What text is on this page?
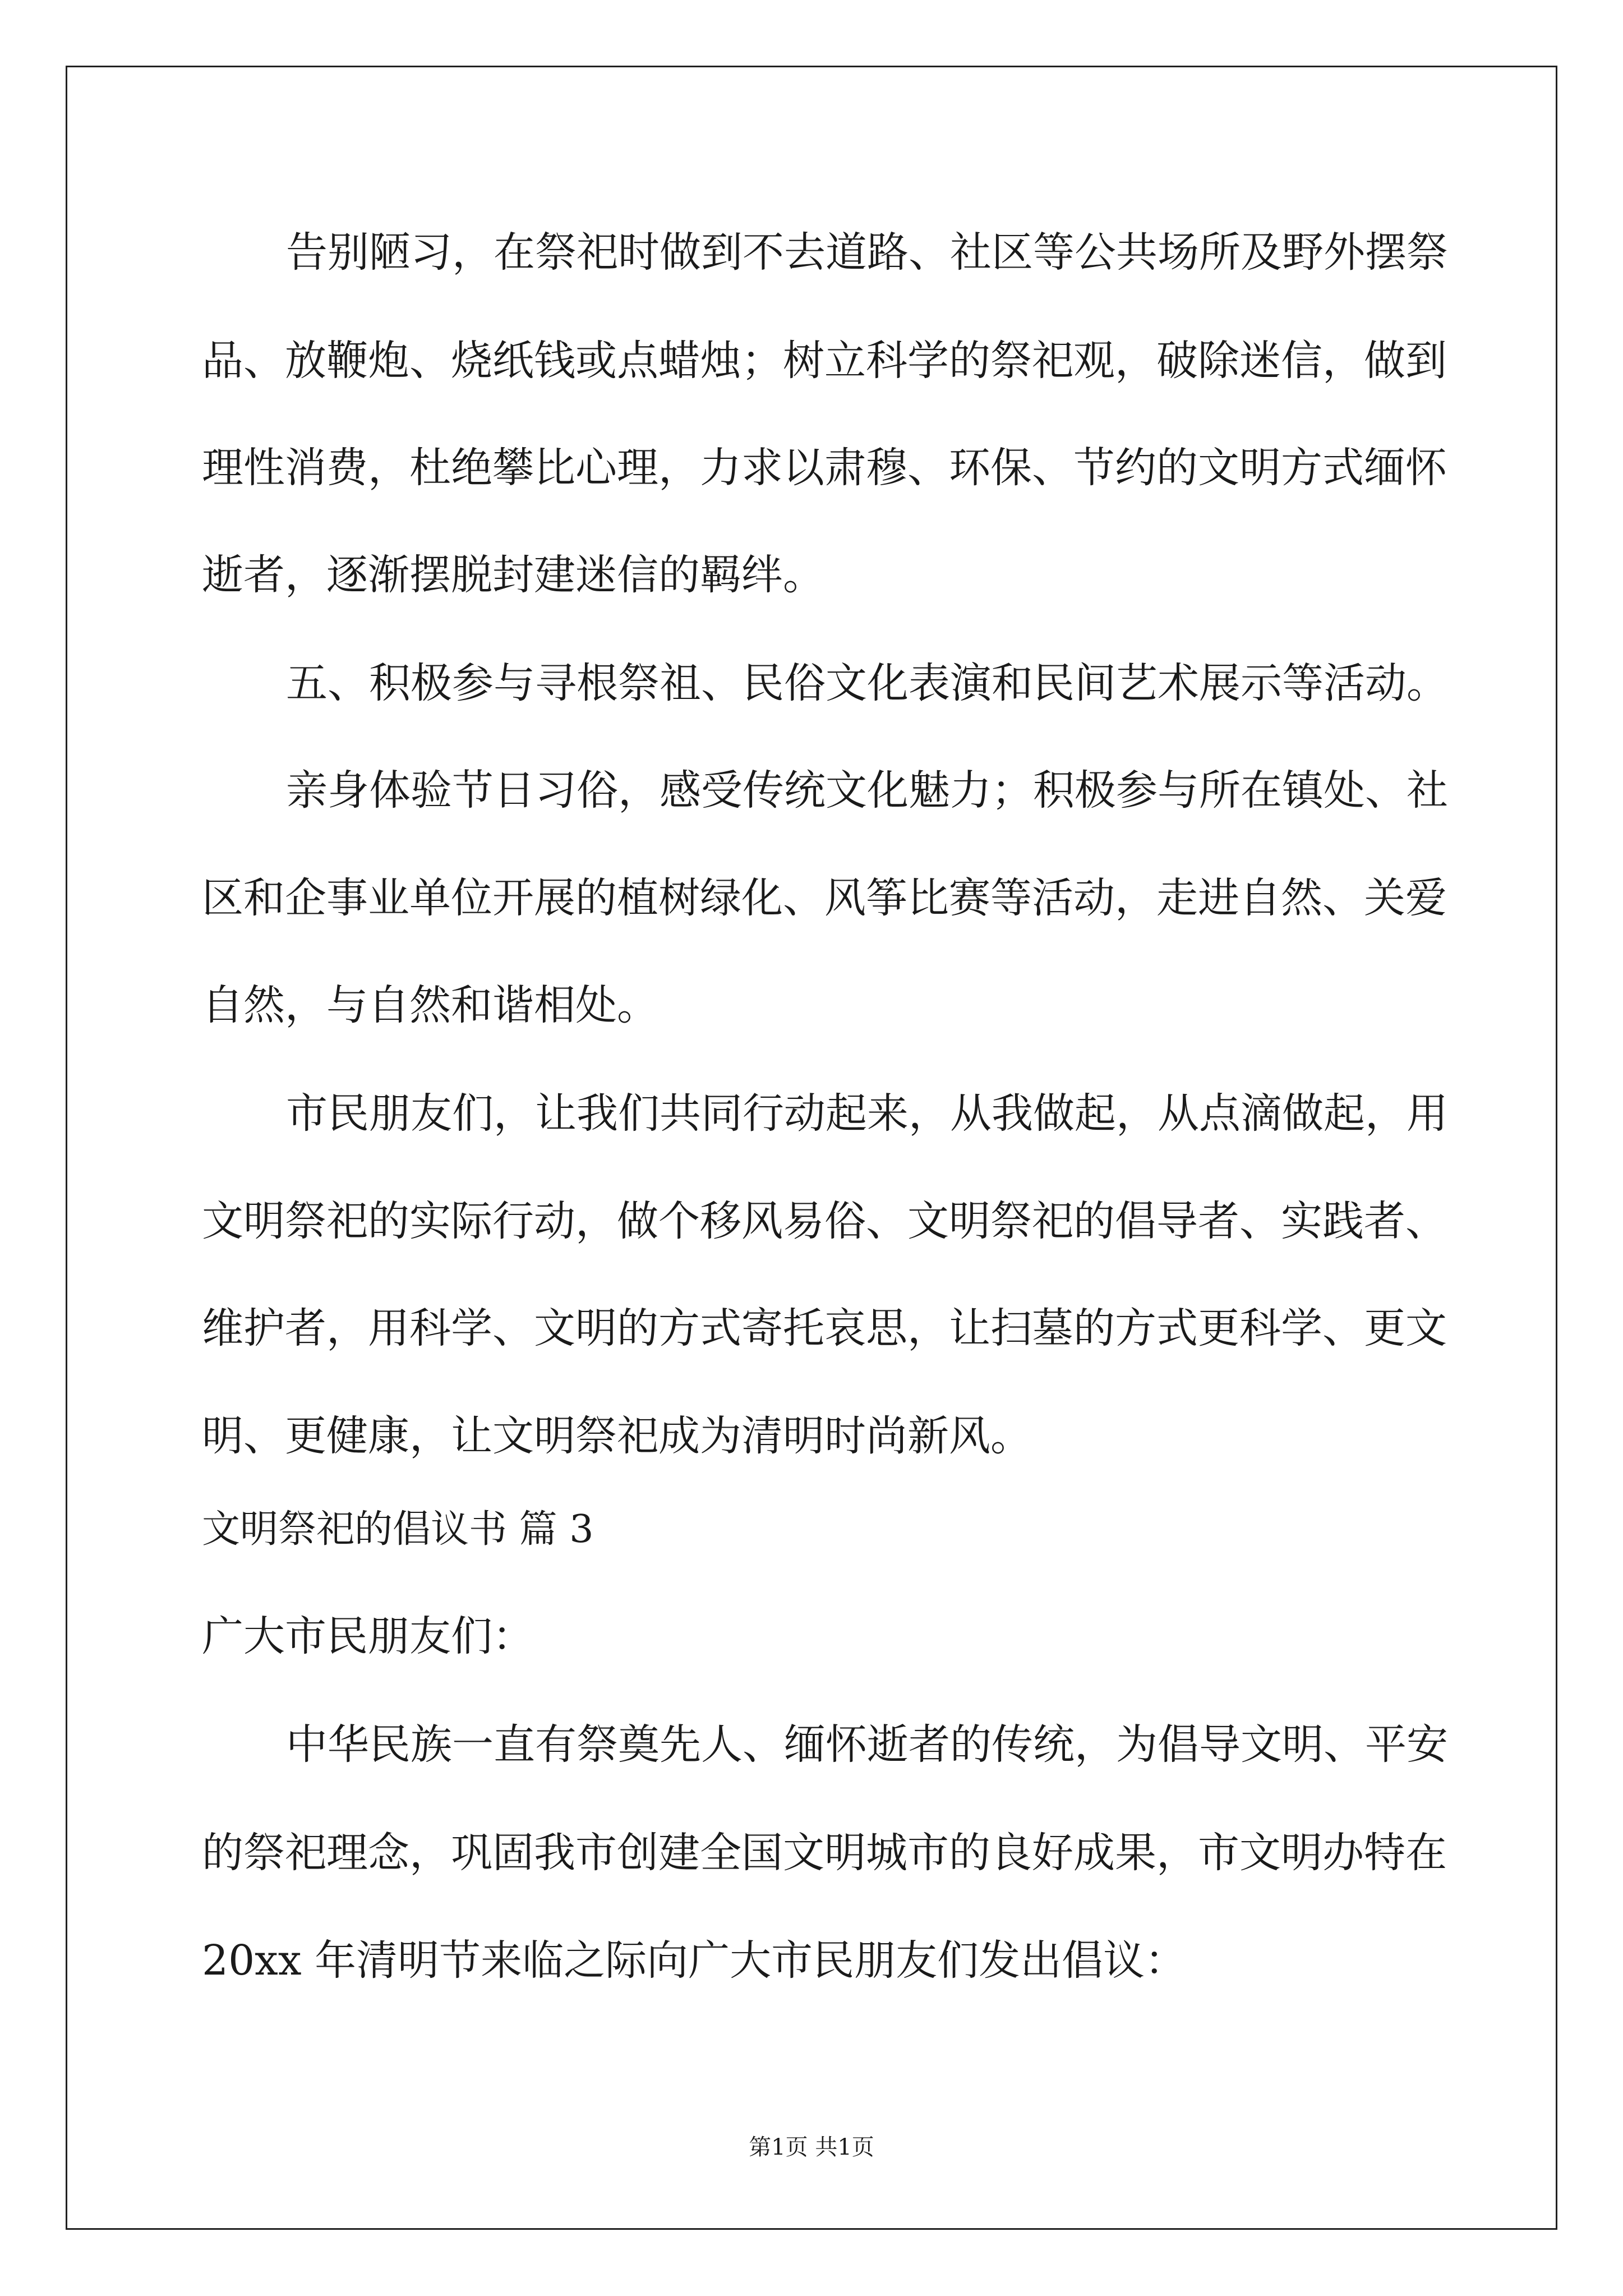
告别陋习，在祭祀时做到不去道路、社区等公共场所及野外摆祭
品、放鞭炮、烧纸钱或点蜡烛；树立科学的祭祀观，破除迷信，做到
理性消费，杜绝攀比心理，力求以肃穆、环保、节约的文明方式缅怀
逝者，逐渐摆脱封建迷信的羁绊。
五、积极参与寻根祭祖、民俗文化表演和民间艺术展示等活动。
亲身体验节日习俗，感受传统文化魅力；积极参与所在镇处、社
区和企事业单位开展的植树绿化、风筝比赛等活动，走进自然、关爱
自然，与自然和谐相处。
市民朋友们，让我们共同行动起来，从我做起，从点滴做起，用
文明祭祀的实际行动，做个移风易俗、文明祭祀的倡导者、实践者、
维护者，用科学、文明的方式寄托哀思，让扫墓的方式更科学、更文
明、更健康，让文明祭祀成为清明时尚新风。
文明祭祀的倡议书 篇 3
广大市民朋友们：
中华民族一直有祭奠先人、缅怀逝者的传统，为倡导文明、平安
的祭祀理念，巩固我市创建全国文明城市的良好成果，市文明办特在
20xx 年清明节来临之际向广大市民朋友们发出倡议：
第1页 共1页
